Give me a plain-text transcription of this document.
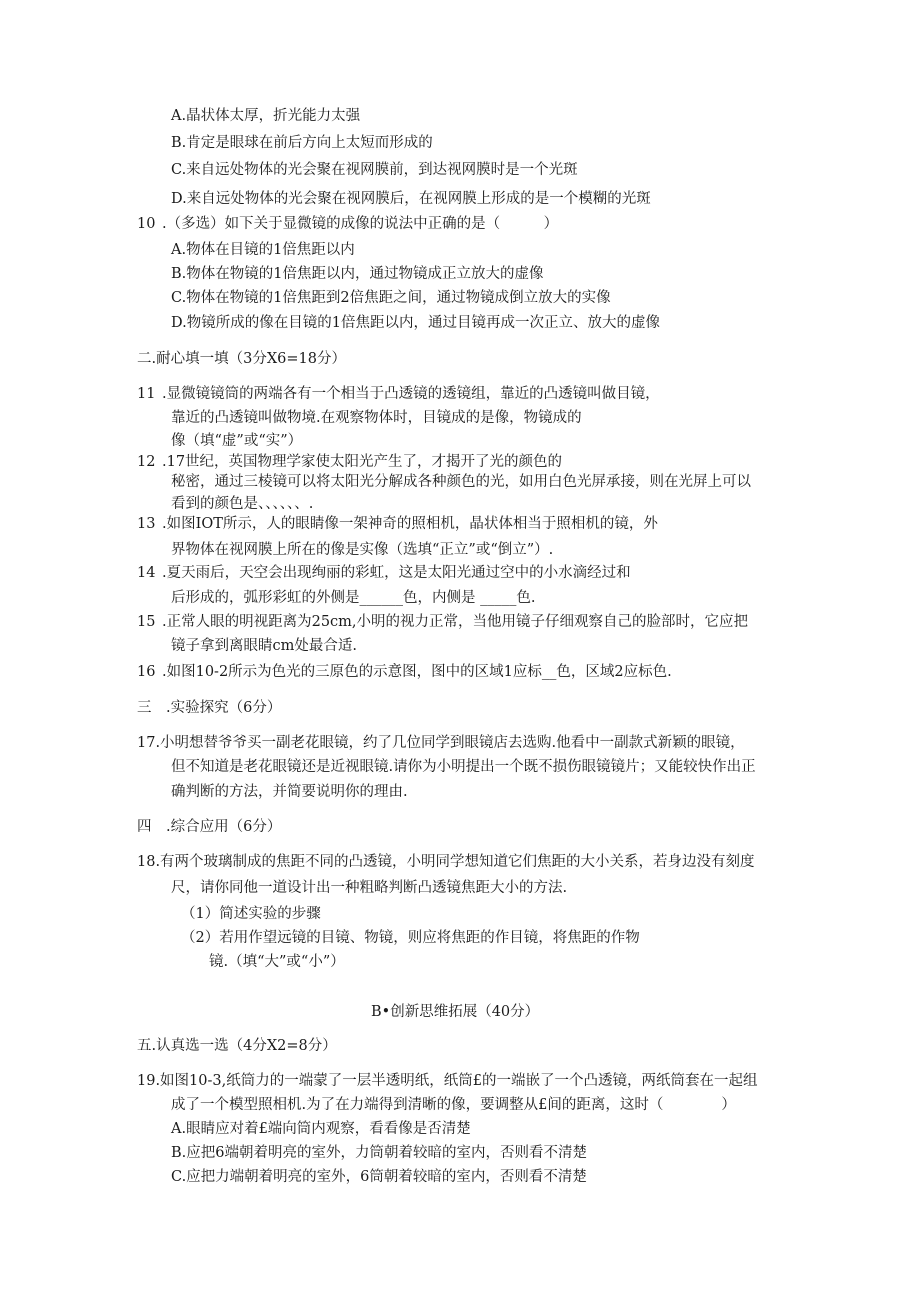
A.晶状体太厚，折光能力太强
B.肯定是眼球在前后方向上太短而形成的
C.来自远处物体的光会聚在视网膜前，到达视网膜时是一个光斑
D.来自远处物体的光会聚在视网膜后，在视网膜上形成的是一个模糊的光斑
10 .（多选）如下关于显微镜的成像的说法中正确的是（　　　）
A.物体在目镜的1倍焦距以内
B.物体在物镜的1倍焦距以内，通过物镜成正立放大的虚像
C.物体在物镜的1倍焦距到2倍焦距之间，通过物镜成倒立放大的实像
D.物镜所成的像在目镜的1倍焦距以内，通过目镜再成一次正立、放大的虚像
二.耐心填一填（3分X6=18分）
11 .显微镜镜筒的两端各有一个相当于凸透镜的透镜组，靠近的凸透镜叫做目镜，
靠近的凸透镜叫做物境.在观察物体时，目镜成的是像，物镜成的
像（填“虚”或“实”）
12 .17世纪，英国物理学家使太阳光产生了，才揭开了光的颜色的
秘密，通过三棱镜可以将太阳光分解成各种颜色的光，如用白色光屏承接，则在光屏上可以
看到的颜色是、、、、、、.
13 .如图IOT所示，人的眼睛像一架神奇的照相机，晶状体相当于照相机的镜，外
界物体在视网膜上所在的像是实像（选填“正立”或“倒立”）.
14 .夏天雨后，天空会出现绚丽的彩虹，这是太阳光通过空中的小水滴经过和
后形成的，弧形彩虹的外侧是______色，内侧是 _____色.
15 .正常人眼的明视距离为25cm,小明的视力正常，当他用镜子仔细观察自己的脸部时，它应把
镜子拿到离眼睛cm处最合适.
16 .如图10-2所示为色光的三原色的示意图，图中的区域1应标__色，区域2应标色.
三　.实验探究（6分）
17.小明想替爷爷买一副老花眼镜，约了几位同学到眼镜店去选购.他看中一副款式新颖的眼镜，
但不知道是老花眼镜还是近视眼镜.请你为小明提出一个既不损伤眼镜镜片；又能较快作出正
确判断的方法，并简要说明你的理由.
四　.综合应用（6分）
18.有两个玻璃制成的焦距不同的凸透镜，小明同学想知道它们焦距的大小关系，若身边没有刻度
尺，请你同他一道设计出一种粗略判断凸透镜焦距大小的方法.
（1）简述实验的步骤
（2）若用作望远镜的目镜、物镜，则应将焦距的作目镜，将焦距的作物
镜.（填“大”或“小”）
B•创新思维拓展（40分）
五.认真选一选（4分X2=8分）
19.如图10-3,纸筒力的一端蒙了一层半透明纸，纸筒£的一端嵌了一个凸透镜，两纸筒套在一起组
成了一个模型照相机.为了在力端得到清晰的像，要调整从£间的距离，这时（　　　　）
A.眼睛应对着£端向筒内观察，看看像是否清楚
B.应把6端朝着明亮的室外，力筒朝着较暗的室内，否则看不清楚
C.应把力端朝着明亮的室外，6筒朝着较暗的室内，否则看不清楚
